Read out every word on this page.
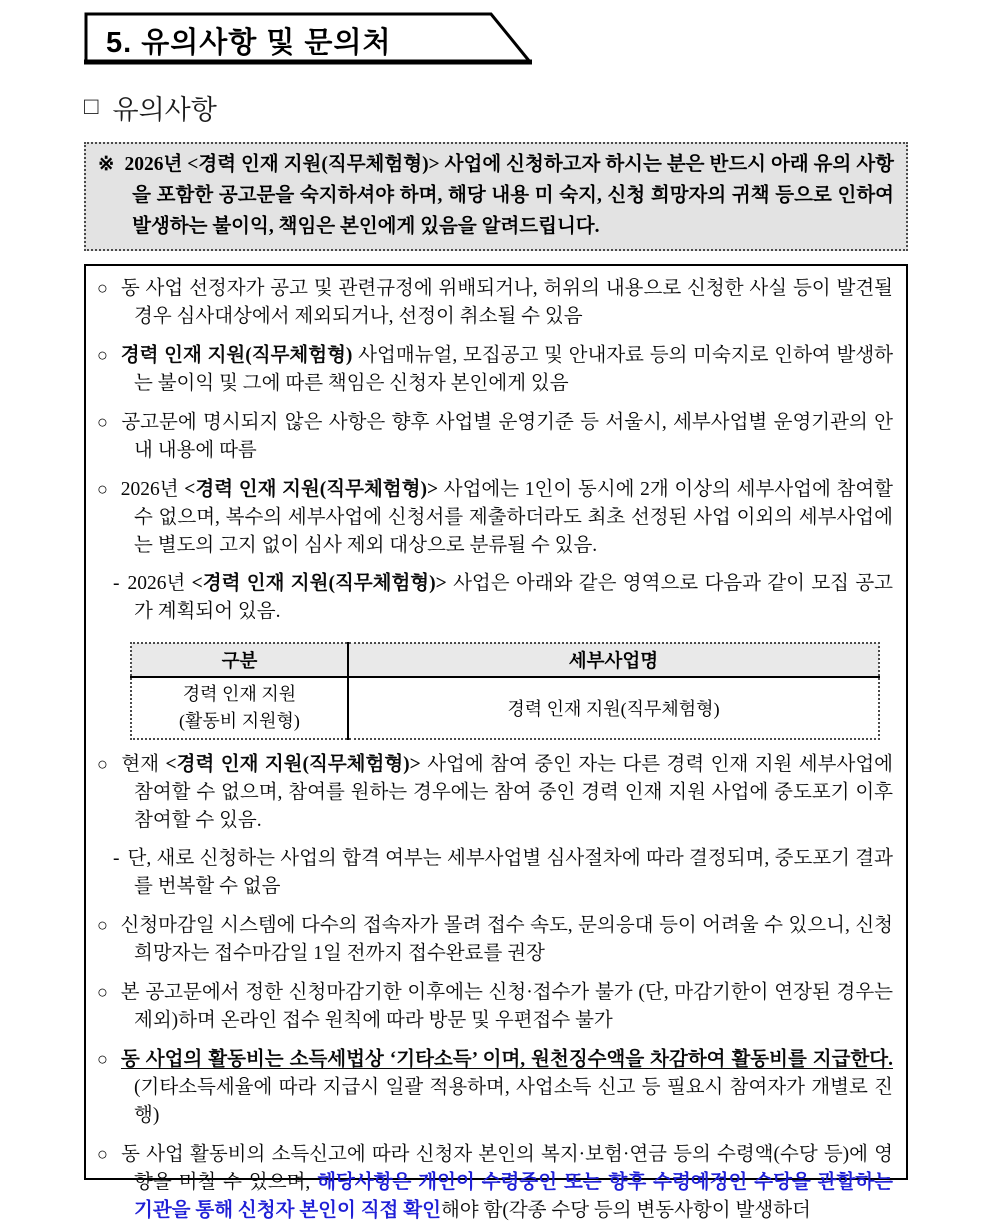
5. 유의사항 및 문의처
□ 유의사항

※ 2026년 <경력 인재 지원(직무체험형)> 사업에 신청하고자 하시는 분은 반드시 아래 유의 사항을 포함한 공고문을 숙지하셔야 하며, 해당 내용 미 숙지, 신청 희망자의 귀책 등으로 인하여 발생하는 불이익, 책임은 본인에게 있음을 알려드립니다.

○ 동 사업 선정자가 공고 및 관련규정에 위배되거나, 허위의 내용으로 신청한 사실 등이 발견될 경우 심사대상에서 제외되거나, 선정이 취소될 수 있음

○ 경력 인재 지원(직무체험형) 사업매뉴얼, 모집공고 및 안내자료 등의 미숙지로 인하여 발생하는 불이익 및 그에 따른 책임은 신청자 본인에게 있음

○ 공고문에 명시되지 않은 사항은 향후 사업별 운영기준 등 서울시, 세부사업별 운영기관의 안내 내용에 따름

○ 2026년 <경력 인재 지원(직무체험형)> 사업에는 1인이 동시에 2개 이상의 세부사업에 참여할 수 없으며, 복수의 세부사업에 신청서를 제출하더라도 최초 선정된 사업 이외의 세부사업에는 별도의 고지 없이 심사 제외 대상으로 분류될 수 있음.

- 2026년 <경력 인재 지원(직무체험형)> 사업은 아래와 같은 영역으로 다음과 같이 모집 공고가 계획되어 있음.

구분	세부사업명
경력 인재 지원
(활동비 지원형)	경력 인재 지원(직무체험형)

○ 현재 <경력 인재 지원(직무체험형)> 사업에 참여 중인 자는 다른 경력 인재 지원 세부사업에 참여할 수 없으며, 참여를 원하는 경우에는 참여 중인 경력 인재 지원 사업에 중도포기 이후 참여할 수 있음.

- 단, 새로 신청하는 사업의 합격 여부는 세부사업별 심사절차에 따라 결정되며, 중도포기 결과를 번복할 수 없음

○ 신청마감일 시스템에 다수의 접속자가 몰려 접수 속도, 문의응대 등이 어려울 수 있으니, 신청희망자는 접수마감일 1일 전까지 접수완료를 권장

○ 본 공고문에서 정한 신청마감기한 이후에는 신청·접수가 불가 (단, 마감기한이 연장된 경우는 제외)하며 온라인 접수 원칙에 따라 방문 및 우편접수 불가

○ 동 사업의 활동비는 소득세법상 ‘기타소득’ 이며, 원천징수액을 차감하여 활동비를 지급한다. (기타소득세율에 따라 지급시 일괄 적용하며, 사업소득 신고 등 필요시 참여자가 개별로 진행)

○ 동 사업 활동비의 소득신고에 따라 신청자 본인의 복지·보험·연금 등의 수령액(수당 등)에 영향을 미칠 수 있으며, 해당사항은 개인이 수령중인 또는 향후 수령예정인 수당을 관할하는 기관을 통해 신청자 본인이 직접 확인해야 함(각종 수당 등의 변동사항이 발생하더
